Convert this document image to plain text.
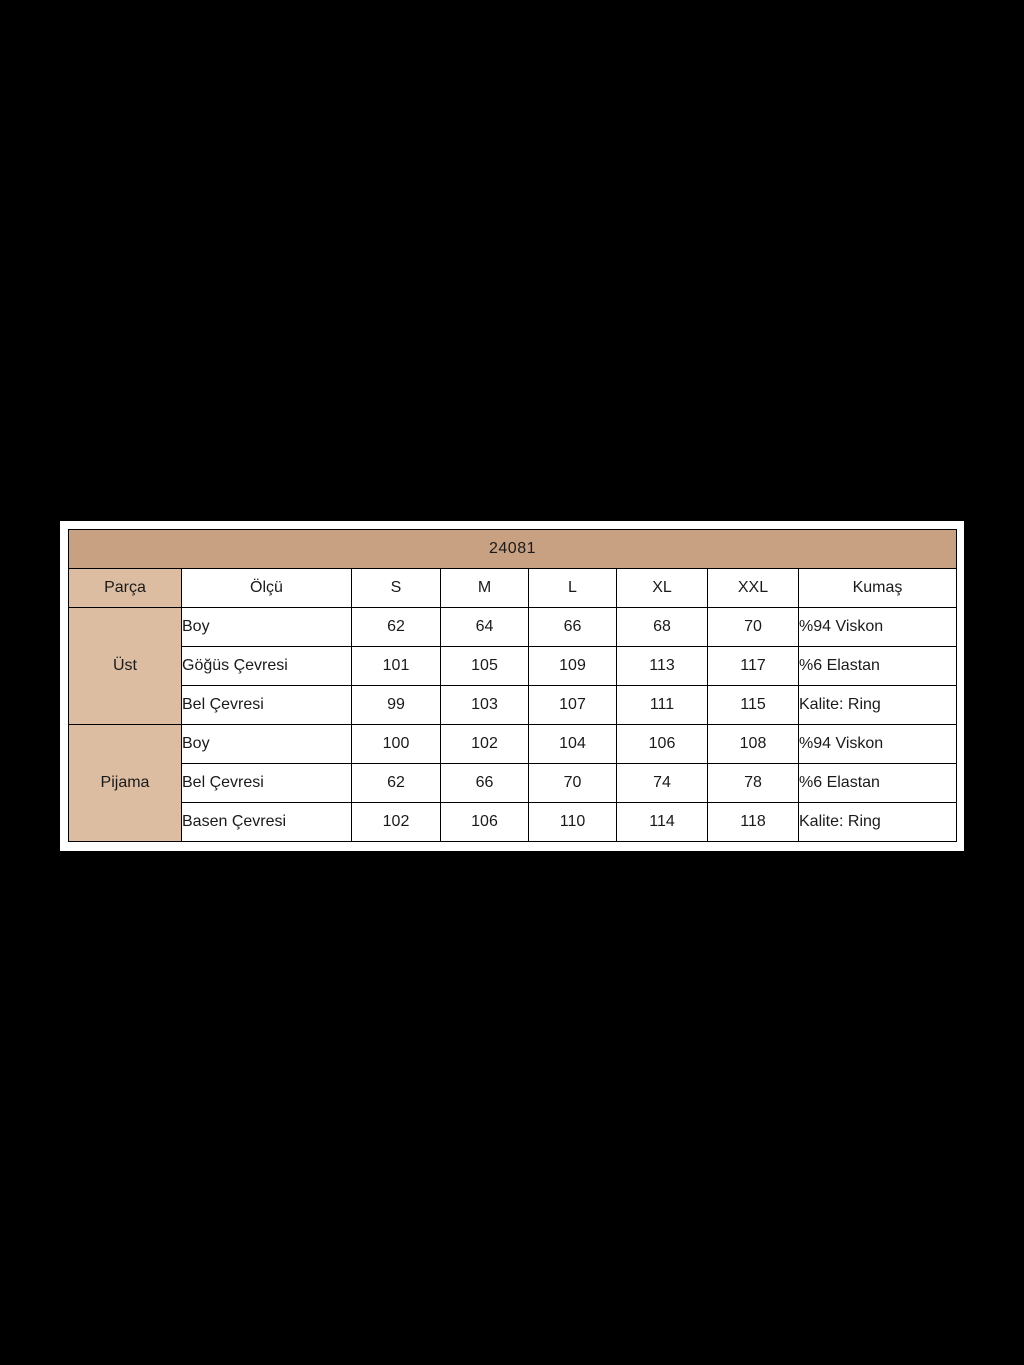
24081							
Parça	Ölçü	S	M	L	XL	XXL	Kumaş
Üst	Boy	62	64	66	68	70	%94 Viskon
	Göğüs Çevresi	101	105	109	113	117	%6 Elastan
	Bel Çevresi	99	103	107	111	115	Kalite: Ring
Pijama	Boy	100	102	104	106	108	%94 Viskon
	Bel Çevresi	62	66	70	74	78	%6 Elastan
	Basen Çevresi	102	106	110	114	118	Kalite: Ring
